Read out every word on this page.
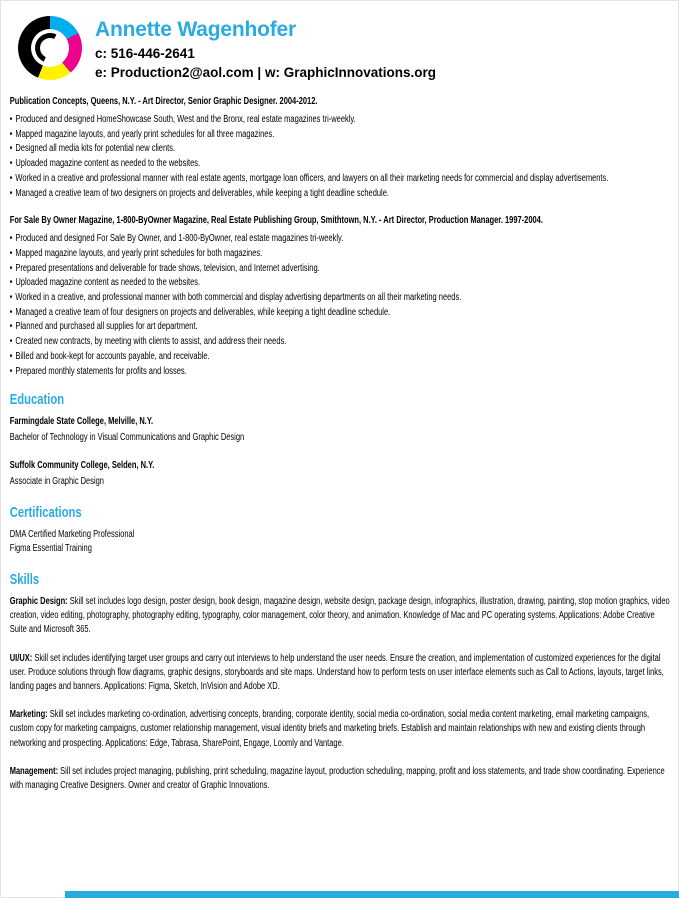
Annette Wagenhofer
c: 516-446-2641
e: Production2@aol.com | w: GraphicInnovations.org
Publication Concepts, Queens, N.Y. - Art Director, Senior Graphic Designer. 2004-2012.
• Produced and designed HomeShowcase South, West and the Bronx, real estate magazines tri-weekly.
• Mapped magazine layouts, and yearly print schedules for all three magazines.
• Designed all media kits for potential new clients.
• Uploaded magazine content as needed to the websites.
• Worked in a creative and professional manner with real estate agents, mortgage loan officers, and lawyers on all their marketing needs for commercial and display advertisements.
• Managed a creative team of two designers on projects and deliverables, while keeping a tight deadline schedule.
For Sale By Owner Magazine, 1-800-ByOwner Magazine, Real Estate Publishing Group, Smithtown, N.Y. - Art Director, Production Manager. 1997-2004.
• Produced and designed For Sale By Owner, and 1-800-ByOwner, real estate magazines tri-weekly.
• Mapped magazine layouts, and yearly print schedules for both magazines.
• Prepared presentations and deliverable for trade shows, television, and Internet advertising.
• Uploaded magazine content as needed to the websites.
• Worked in a creative, and professional manner with both commercial and display advertising departments on all their marketing needs.
• Managed a creative team of four designers on projects and deliverables, while keeping a tight deadline schedule.
• Planned and purchased all supplies for art department.
• Created new contracts, by meeting with clients to assist, and address their needs.
• Billed and book-kept for accounts payable, and receivable.
• Prepared monthly statements for profits and losses.
Education
Farmingdale State College, Melville, N.Y.
Bachelor of Technology in Visual Communications and Graphic Design
Suffolk Community College, Selden, N.Y.
Associate in Graphic Design
Certifications
DMA Certified Marketing Professional
Figma Essential Training
Skills
Graphic Design: Skill set includes logo design, poster design, book design, magazine design, website design, package design, infographics, illustration, drawing, painting, stop motion graphics, video creation, video editing, photography, photography editing, typography, color management, color theory, and animation. Knowledge of Mac and PC operating systems. Applications: Adobe Creative Suite and Microsoft 365.
UI/UX: Skill set includes identifying target user groups and carry out interviews to help understand the user needs. Ensure the creation, and implementation of customized experiences for the digital user. Produce solutions through flow diagrams, graphic designs, storyboards and site maps. Understand how to perform tests on user interface elements such as Call to Actions, layouts, target links, landing pages and banners. Applications: Figma, Sketch, InVision and Adobe XD.
Marketing: Skill set includes marketing co-ordination, advertising concepts, branding, corporate identity, social media co-ordination, social media content marketing, email marketing campaigns, custom copy for marketing campaigns, customer relationship management, visual identity briefs and marketing briefs. Establish and maintain relationships with new and existing clients through networking and prospecting. Applications: Edge, Tabrasa, SharePoint, Engage, Loomly and Vantage.
Management: Sill set includes project managing, publishing, print scheduling, magazine layout, production scheduling, mapping, profit and loss statements, and trade show coordinating. Experience with managing Creative Designers. Owner and creator of Graphic Innovations.
